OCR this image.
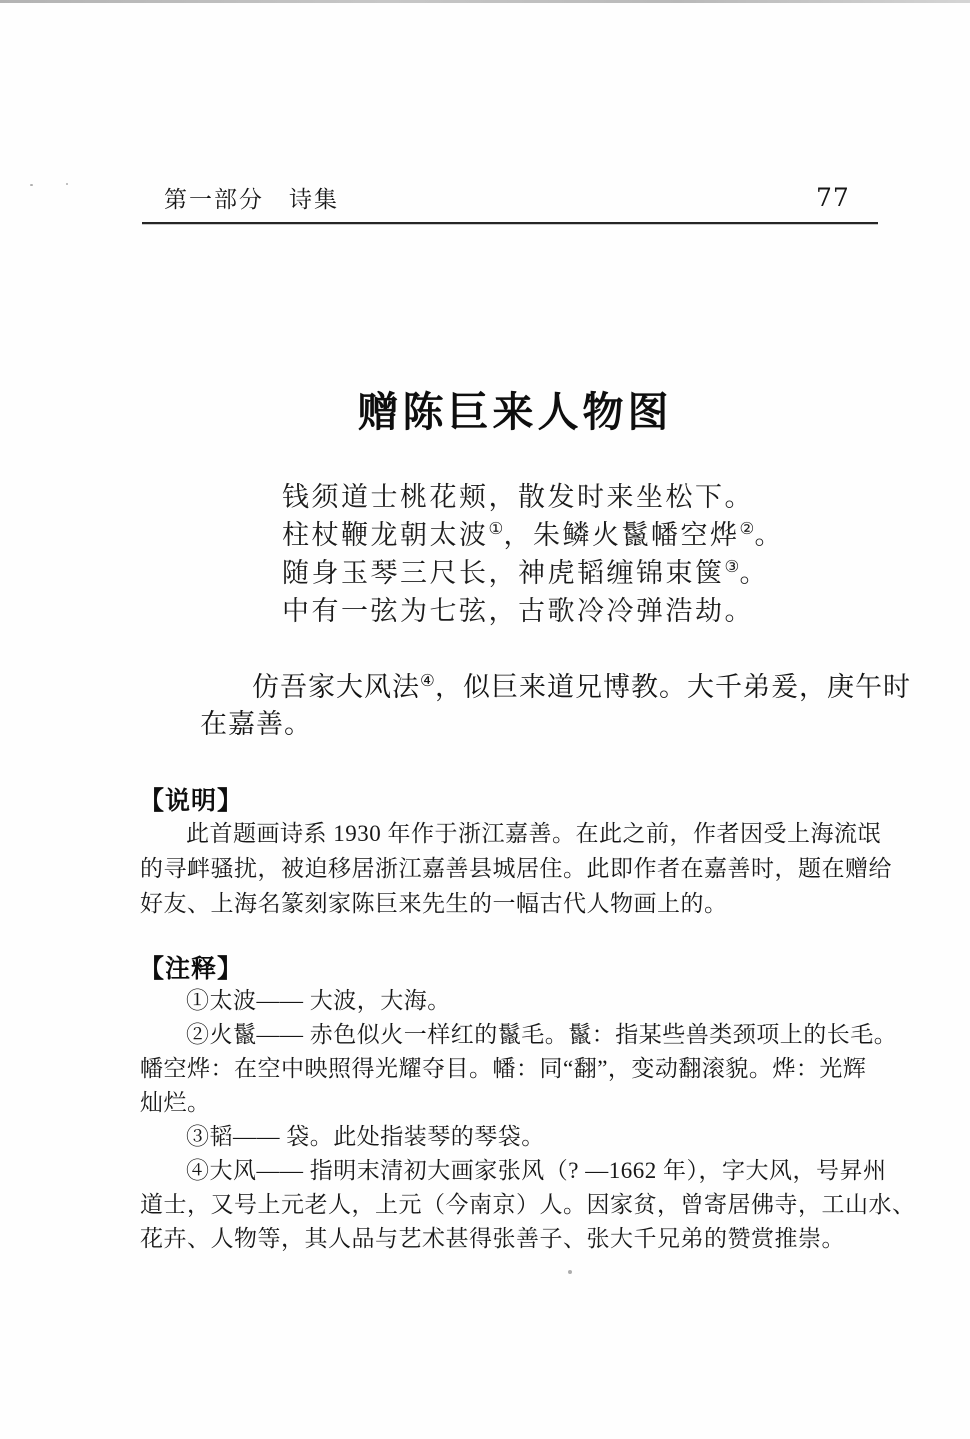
第一部分　诗集	77
赠陈巨来人物图
钱须道士桃花颊，散发时来坐松下。
柱杖鞭龙朝太波①，朱鳞火鬣幡空烨②。
随身玉琴三尺长，神虎韬缠锦束箧③。
中有一弦为七弦，古歌冷冷弹浩劫。
仿吾家大风法④，似巨来道兄博教。大千弟爰，庚午时
在嘉善。
【说明】
此首题画诗系 1930 年作于浙江嘉善。在此之前，作者因受上海流氓
的寻衅骚扰，被迫移居浙江嘉善县城居住。此即作者在嘉善时，题在赠给
好友、上海名篆刻家陈巨来先生的一幅古代人物画上的。
【注释】
①太波—— 大波，大海。
②火鬣—— 赤色似火一样红的鬣毛。鬣：指某些兽类颈项上的长毛。
幡空烨：在空中映照得光耀夺目。幡：同“翻”，变动翻滚貌。烨：光辉
灿烂。
③韬—— 袋。此处指装琴的琴袋。
④大风—— 指明末清初大画家张风（? —1662 年），字大风，号昇州
道士，又号上元老人，上元（今南京）人。因家贫，曾寄居佛寺，工山水、
花卉、人物等，其人品与艺术甚得张善子、张大千兄弟的赞赏推崇。
